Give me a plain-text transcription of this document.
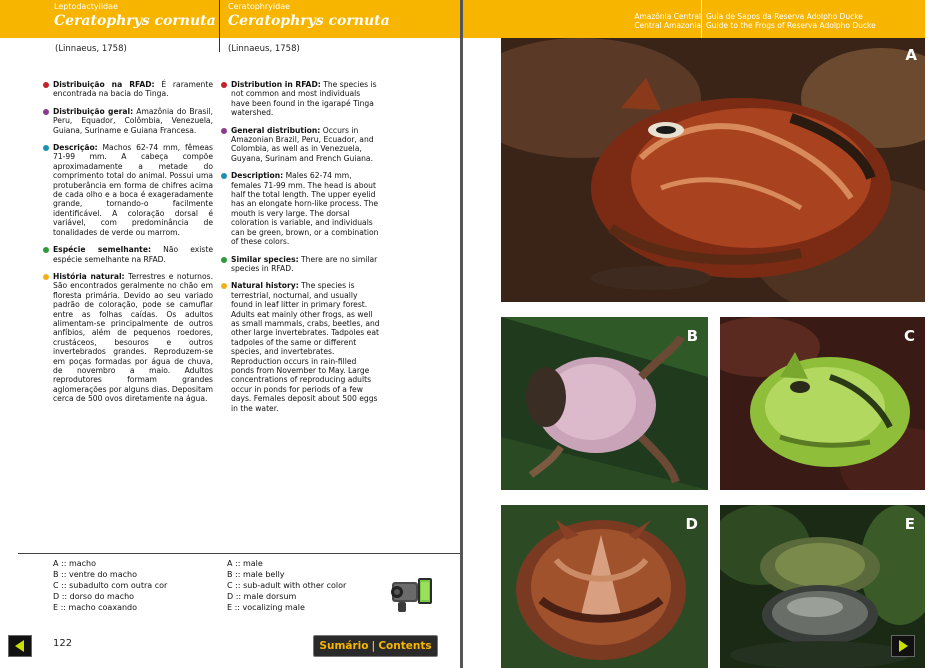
Leptodactylidae
Ceratophrys cornuta
Ceratophryidae
Ceratophrys cornuta
(Linnaeus, 1758)	(Linnaeus, 1758)
Distribuição na RFAD: É raramente encontrada na bacia do Tinga.
Distribuição geral: Amazônia do Brasil, Peru, Equador, Colômbia, Venezuela, Guiana, Suriname e Guiana Francesa.
Descrição: Machos 62-74 mm, fêmeas 71-99 mm. A cabeça compõe aproximadamente a metade do comprimento total do animal. Possui uma protuberância em forma de chifres acima de cada olho e a boca é exageradamente grande, tornando-o facilmente identificável. A coloração dorsal é variável, com predominância de tonalidades de verde ou marrom.
Espécie semelhante: Não existe espécie semelhante na RFAD.
História natural: Terrestres e noturnos. São encontrados geralmente no chão em floresta primária. Devido ao seu variado padrão de coloração, pode se camuflar entre as folhas caídas. Os adultos alimentam-se principalmente de outros anfíbios, além de pequenos roedores, crustáceos, besouros e outros invertebrados grandes. Reproduzem-se em poças formadas por água de chuva, de novembro a maio. Adultos reprodutores formam grandes aglomerações por alguns dias. Depositam cerca de 500 ovos diretamente na água.
Distribution in RFAD: The species is not common and most individuals have been found in the igarapé Tinga watershed.
General distribution: Occurs in Amazonian Brazil, Peru, Ecuador, and Colombia, as well as in Venezuela, Guyana, Surinam and French Guiana.
Description: Males 62-74 mm, females 71-99 mm. The head is about half the total length. The upper eyelid has an elongate horn-like process. The mouth is very large. The dorsal coloration is variable, and individuals can be green, brown, or a combination of these colors.
Similar species: There are no similar species in RFAD.
Natural history: The species is terrestrial, nocturnal, and usually found in leaf litter in primary forest. Adults eat mainly other frogs, as well as small mammals, crabs, beetles, and other large invertebrates. Tadpoles eat tadpoles of the same or different species, and invertebrates. Reproduction occurs in rain-filled ponds from November to May. Large concentrations of reproducing adults occur in ponds for periods of a few days. Females deposit about 500 eggs in the water.
A :: macho
B :: ventre do macho
C :: subadulto com outra cor
D :: dorso do macho
E :: macho coaxando
A :: male
B :: male belly
C :: sub-adult with other color
D :: male dorsum
E :: vocalizing male
122	Sumário | Contents
Amazônia Central
Central Amazonia
Guia de Sapos da Reserva Adolpho Ducke
Guide to the Frogs of Reserva Adolpho Ducke
A
B	C
D	E
